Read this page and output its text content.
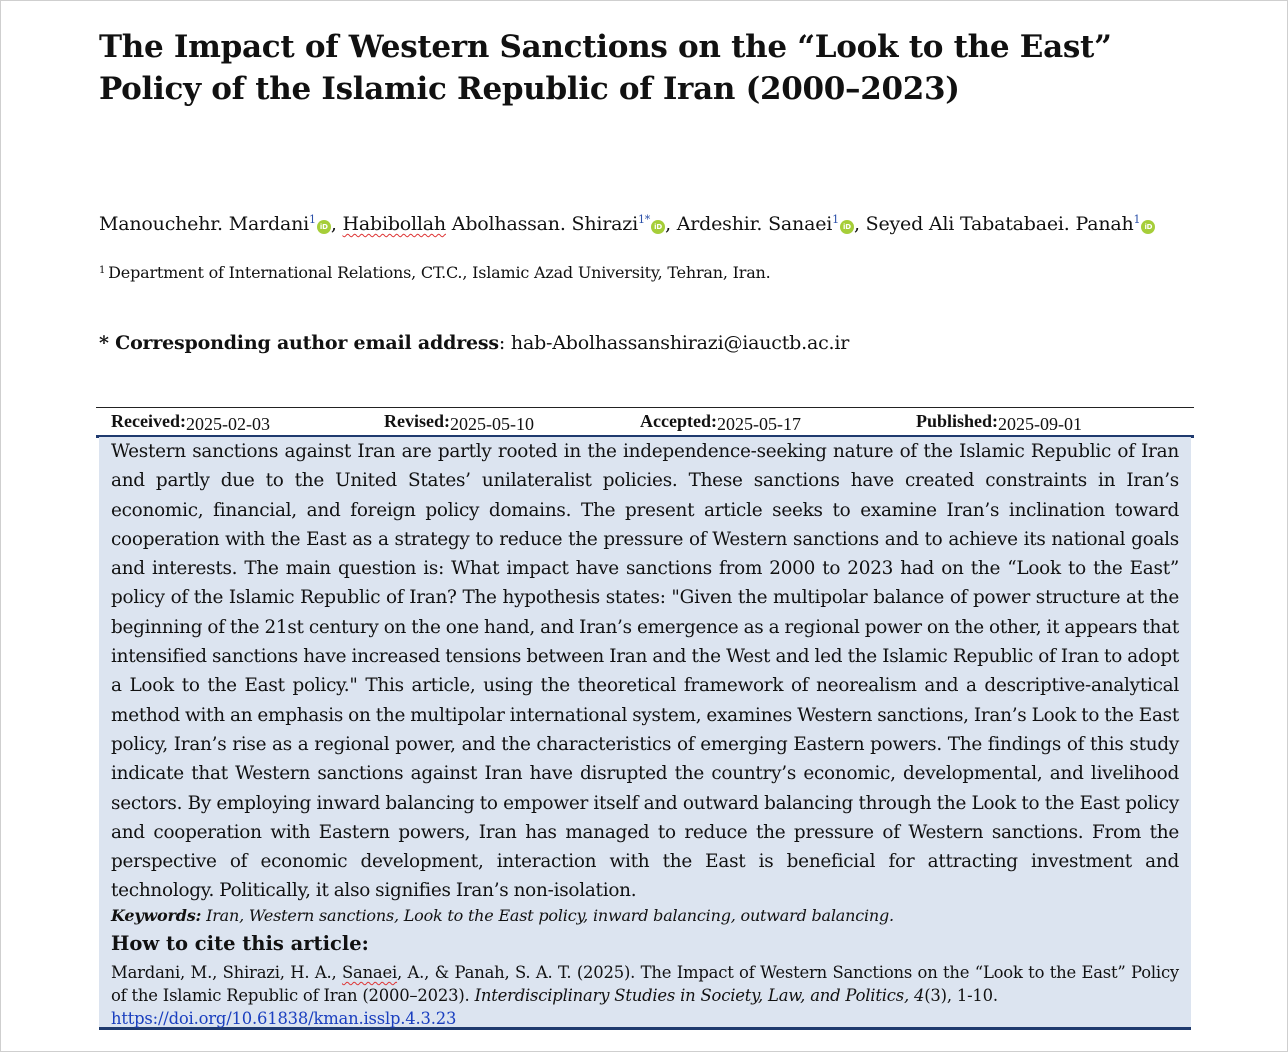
The Impact of Western Sanctions on the “Look to the East” Policy of the Islamic Republic of Iran (2000–2023)
Manouchehr. Mardani$^1$iD , Habibollah Abolhassan. Shirazi$^{1*}$iD , Ardeshir. Sanaei$^1$iD , Seyed Ali Tabatabaei. Panah$^1$iD
$^1$ Department of International Relations, CT.C., Islamic Azad University, Tehran, Iran.
* Corresponding author email address: hab-Abolhassanshirazi@iauctb.ac.ir
Received: 2025-02-03	Revised: 2025-05-10	Accepted: 2025-05-17	Published: 2025-09-01
Western sanctions against Iran are partly rooted in the independence-seeking nature of the Islamic Republic of Iran and partly due to the United States’ unilateralist policies. These sanctions have created constraints in Iran’s economic, financial, and foreign policy domains. The present article seeks to examine Iran’s inclination toward cooperation with the East as a strategy to reduce the pressure of Western sanctions and to achieve its national goals and interests. The main question is: What impact have sanctions from 2000 to 2023 had on the “Look to the East” policy of the Islamic Republic of Iran? The hypothesis states: "Given the multipolar balance of power structure at the beginning of the 21st century on the one hand, and Iran’s emergence as a regional power on the other, it appears that intensified sanctions have increased tensions between Iran and the West and led the Islamic Republic of Iran to adopt a Look to the East policy." This article, using the theoretical framework of neorealism and a descriptive-analytical method with an emphasis on the multipolar international system, examines Western sanctions, Iran’s Look to the East policy, Iran’s rise as a regional power, and the characteristics of emerging Eastern powers. The findings of this study indicate that Western sanctions against Iran have disrupted the country’s economic, developmental, and livelihood sectors. By employing inward balancing to empower itself and outward balancing through the Look to the East policy and cooperation with Eastern powers, Iran has managed to reduce the pressure of Western sanctions. From the perspective of economic development, interaction with the East is beneficial for attracting investment and technology. Politically, it also signifies Iran’s non-isolation.
Keywords: Iran, Western sanctions, Look to the East policy, inward balancing, outward balancing.
How to cite this article:
Mardani, M., Shirazi, H. A., Sanaei, A., & Panah, S. A. T. (2025). The Impact of Western Sanctions on the “Look to the East” Policy of the Islamic Republic of Iran (2000–2023). Interdisciplinary Studies in Society, Law, and Politics, 4(3), 1-10.
https://doi.org/10.61838/kman.isslp.4.3.23
